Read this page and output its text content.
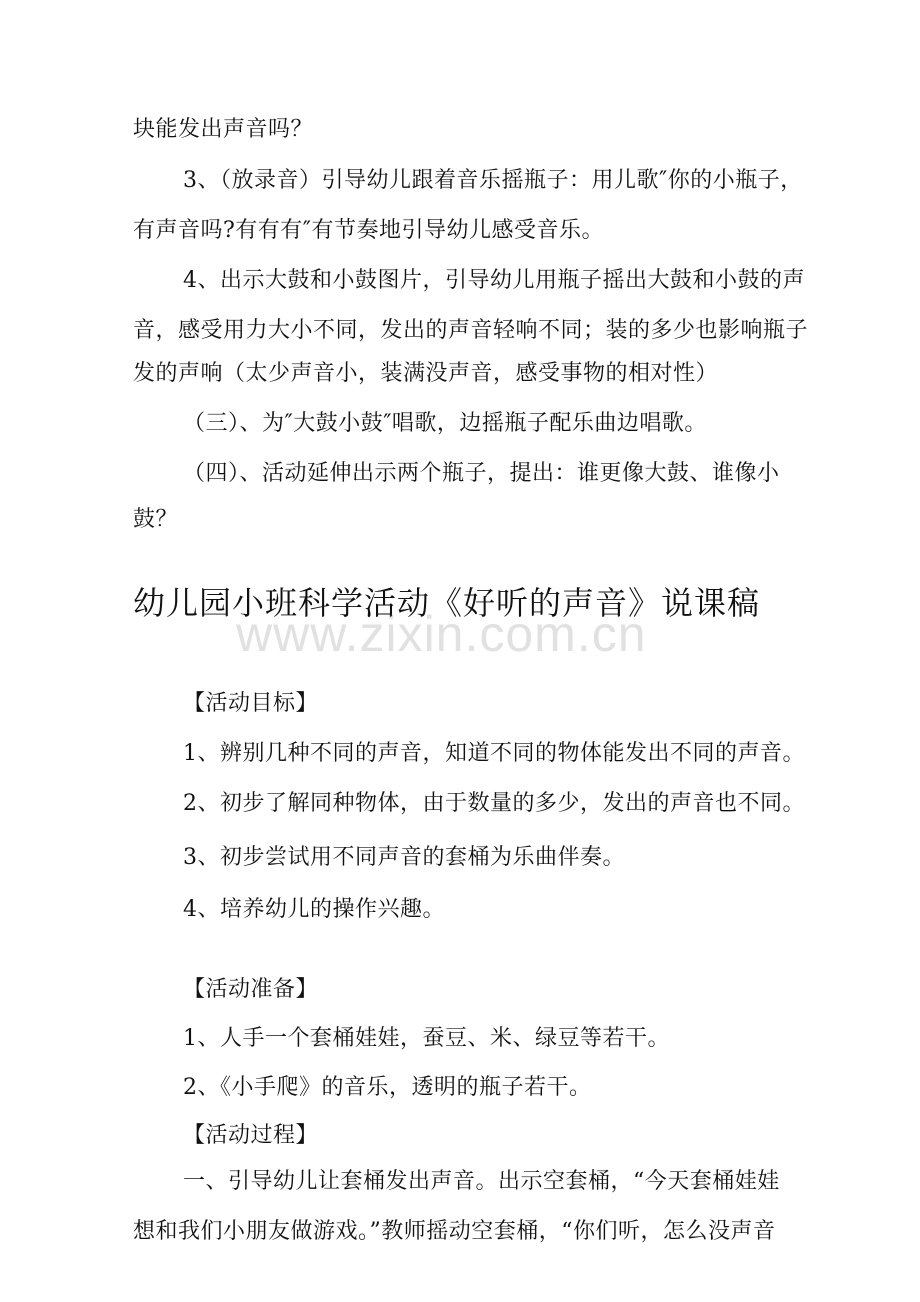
块能发出声音吗？
3、（放录音）引导幼儿跟着音乐摇瓶子：用儿歌″你的小瓶子，
有声音吗?有有有″有节奏地引导幼儿感受音乐。
4、出示大鼓和小鼓图片，引导幼儿用瓶子摇出大鼓和小鼓的声
音，感受用力大小不同，发出的声音轻响不同；装的多少也影响瓶子
发的声响（太少声音小，装满没声音，感受事物的相对性）
（三）、为″大鼓小鼓″唱歌，边摇瓶子配乐曲边唱歌。
（四）、活动延伸出示两个瓶子，提出：谁更像大鼓、谁像小
鼓？
幼儿园小班科学活动《好听的声音》说课稿
www.zixin.com.cn
【活动目标】
1、辨别几种不同的声音，知道不同的物体能发出不同的声音。
2、初步了解同种物体，由于数量的多少，发出的声音也不同。
3、初步尝试用不同声音的套桶为乐曲伴奏。
4、培养幼儿的操作兴趣。
【活动准备】
1、人手一个套桶娃娃，蚕豆、米、绿豆等若干。
2、《小手爬》的音乐，透明的瓶子若干。
【活动过程】
一、引导幼儿让套桶发出声音。出示空套桶，“今天套桶娃娃
想和我们小朋友做游戏。”教师摇动空套桶，“你们听，怎么没声音
